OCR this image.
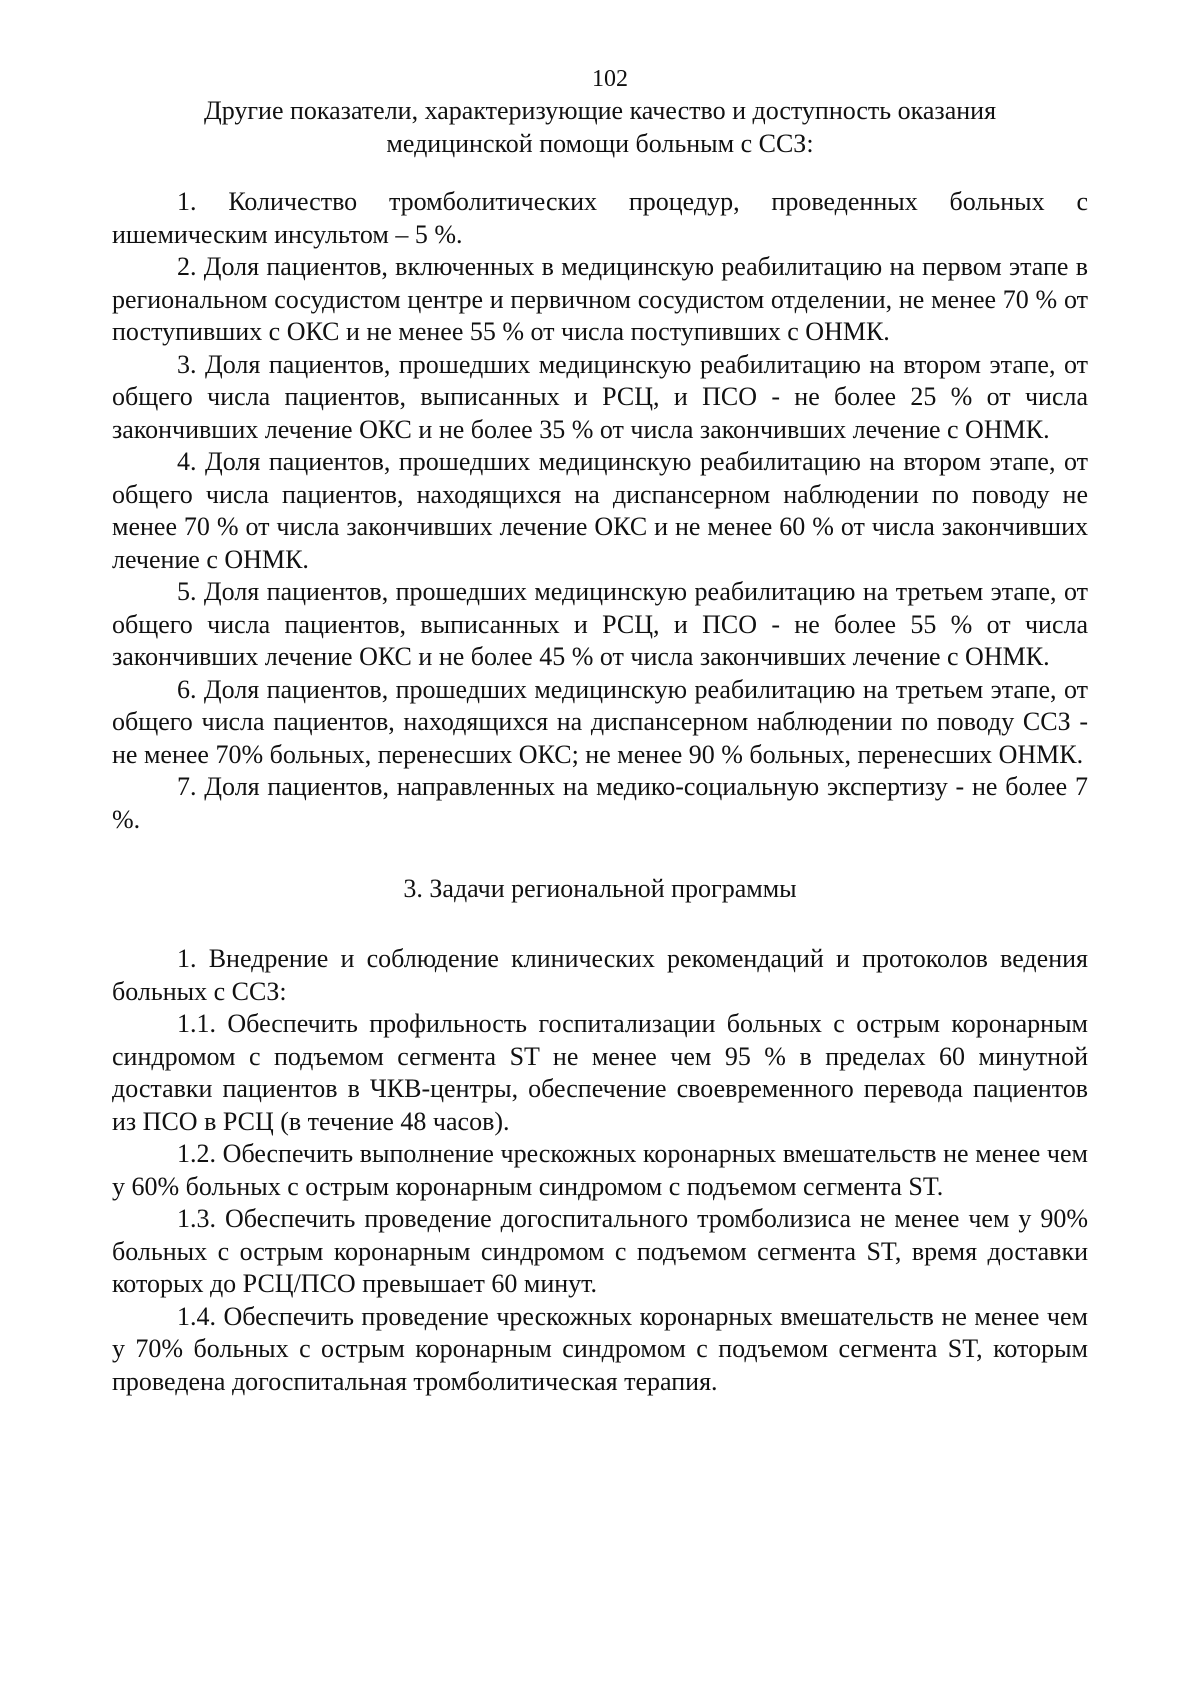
102
Другие показатели, характеризующие качество и доступность оказания
медицинской помощи больным с ССЗ:

1. Количество тромболитических процедур, проведенных больных с ишемическим инсультом – 5 %.

2. Доля пациентов, включенных в медицинскую реабилитацию на первом этапе в региональном сосудистом центре и первичном сосудистом отделении, не менее 70 % от поступивших с ОКС и не менее 55 % от числа поступивших с ОНМК.

3. Доля пациентов, прошедших медицинскую реабилитацию на втором этапе, от общего числа пациентов, выписанных и РСЦ, и ПСО - не более 25 % от числа закончивших лечение ОКС и не более 35 % от числа закончивших лечение с ОНМК.

4. Доля пациентов, прошедших медицинскую реабилитацию на втором этапе, от общего числа пациентов, находящихся на диспансерном наблюдении по поводу не менее 70 % от числа закончивших лечение ОКС и не менее 60 % от числа закончивших лечение с ОНМК.

5. Доля пациентов, прошедших медицинскую реабилитацию на третьем этапе, от общего числа пациентов, выписанных и РСЦ, и ПСО - не более 55 % от числа закончивших лечение ОКС и не более 45 % от числа закончивших лечение с ОНМК.

6. Доля пациентов, прошедших медицинскую реабилитацию на третьем этапе, от общего числа пациентов, находящихся на диспансерном наблюдении по поводу ССЗ - не менее 70% больных, перенесших ОКС; не менее 90 % больных, перенесших ОНМК.

7. Доля пациентов, направленных на медико-социальную экспертизу - не более 7 %.

3. Задачи региональной программы

1. Внедрение и соблюдение клинических рекомендаций и протоколов ведения больных с ССЗ:

1.1. Обеспечить профильность госпитализации больных с острым коронарным синдромом с подъемом сегмента ST не менее чем 95 % в пределах 60 минутной доставки пациентов в ЧКВ-центры, обеспечение своевременного перевода пациентов из ПСО в РСЦ (в течение 48 часов).

1.2. Обеспечить выполнение чрескожных коронарных вмешательств не менее чем у 60% больных с острым коронарным синдромом с подъемом сегмента ST.

1.3. Обеспечить проведение догоспитального тромболизиса не менее чем у 90% больных с острым коронарным синдромом с подъемом сегмента ST, время доставки которых до РСЦ/ПСО превышает 60 минут.

1.4. Обеспечить проведение чрескожных коронарных вмешательств не менее чем у 70% больных с острым коронарным синдромом с подъемом сегмента ST, которым проведена догоспитальная тромболитическая терапия.
